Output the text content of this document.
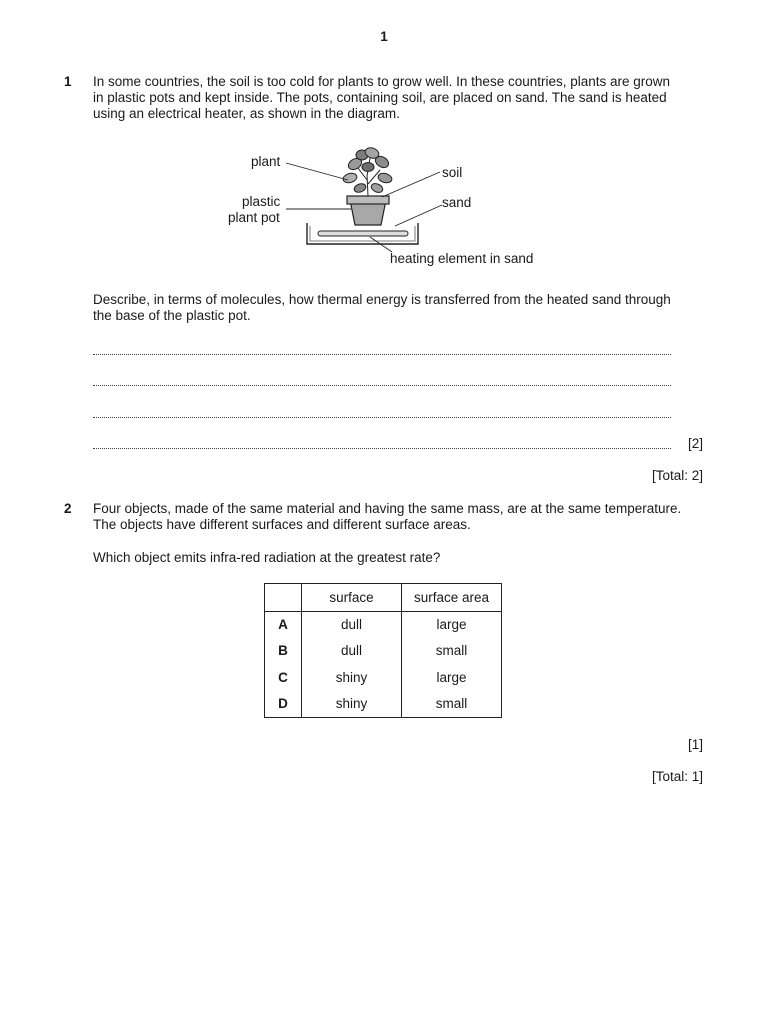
1
1 In some countries, the soil is too cold for plants to grow well. In these countries, plants are grown
in plastic pots and kept inside. The pots, containing soil, are placed on sand. The sand is heated
using an electrical heater, as shown in the diagram.
plant
soil
plastic
plant pot
sand
heating element in sand
Describe, in terms of molecules, how thermal energy is transferred from the heated sand through
the base of the plastic pot.
[2]
[Total: 2]
2 Four objects, made of the same material and having the same mass, are at the same temperature.
The objects have different surfaces and different surface areas.
Which object emits infra-red radiation at the greatest rate?
	surface	surface area
A	dull	large
B	dull	small
C	shiny	large
D	shiny	small
[1]
[Total: 1]
